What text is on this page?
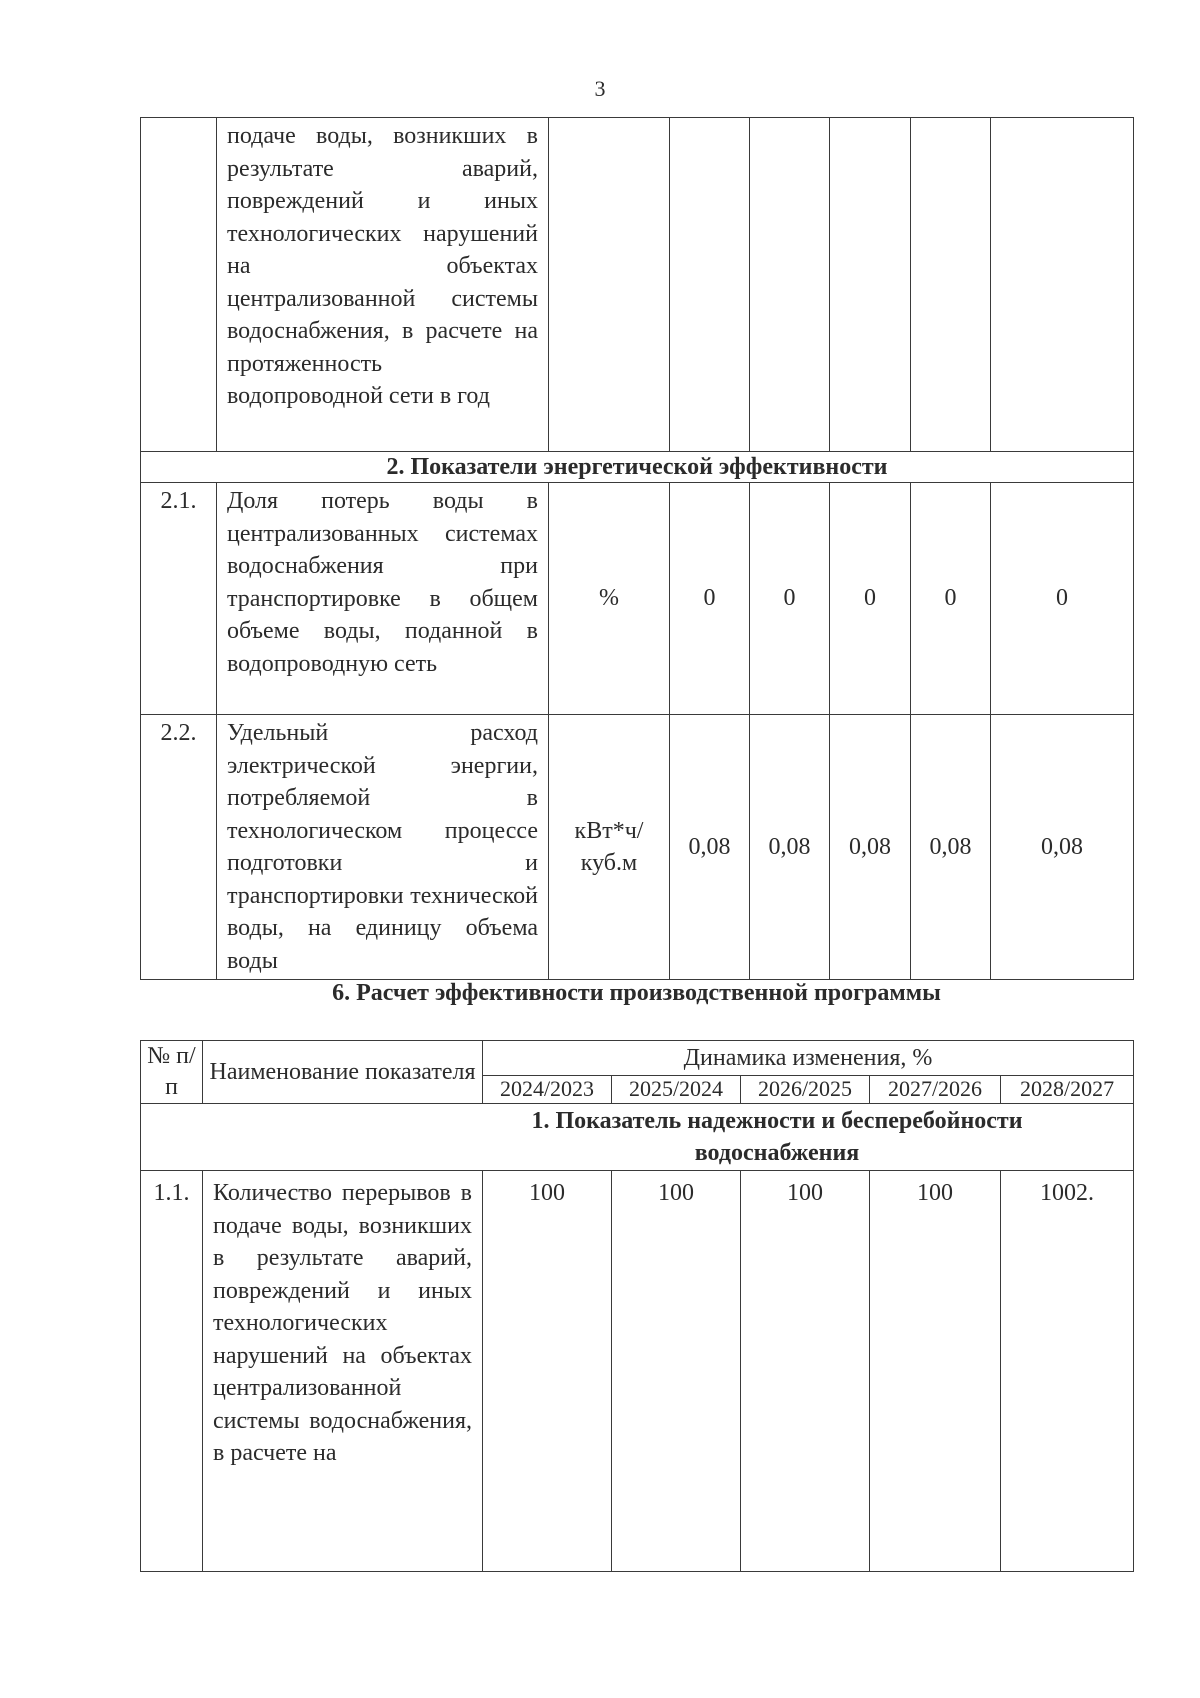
3
	подаче воды, возникших в результате аварий, повреждений и иных технологических нарушений на объектах централизованной системы водоснабжения, в расчете на протяженность водопроводной сети в год						
2. Показатели энергетической эффективности							
2.1.	Доля потерь воды в централизованных системах водоснабжения при транспортировке в общем объеме воды, поданной в водопроводную сеть	%	0	0	0	0	0
2.2.	Удельный расход электрической энергии, потребляемой в технологическом процессе подготовки и транспортировки технической воды, на единицу объема воды	кВт*ч/ куб.м	0,08	0,08	0,08	0,08	0,08
6. Расчет эффективности производственной программы
№ п/п	Наименование показателя	Динамика изменения, %				
		2024/2023	2025/2024	2026/2025	2027/2026	2028/2027
1. Показатель надежности и бесперебойности водоснабжения						
1.1.	Количество перерывов в подаче воды, возникших в результате аварий, повреждений и иных технологических нарушений на объектах централизованной системы водоснабжения, в расчете на	100	100	100	100	1002.
